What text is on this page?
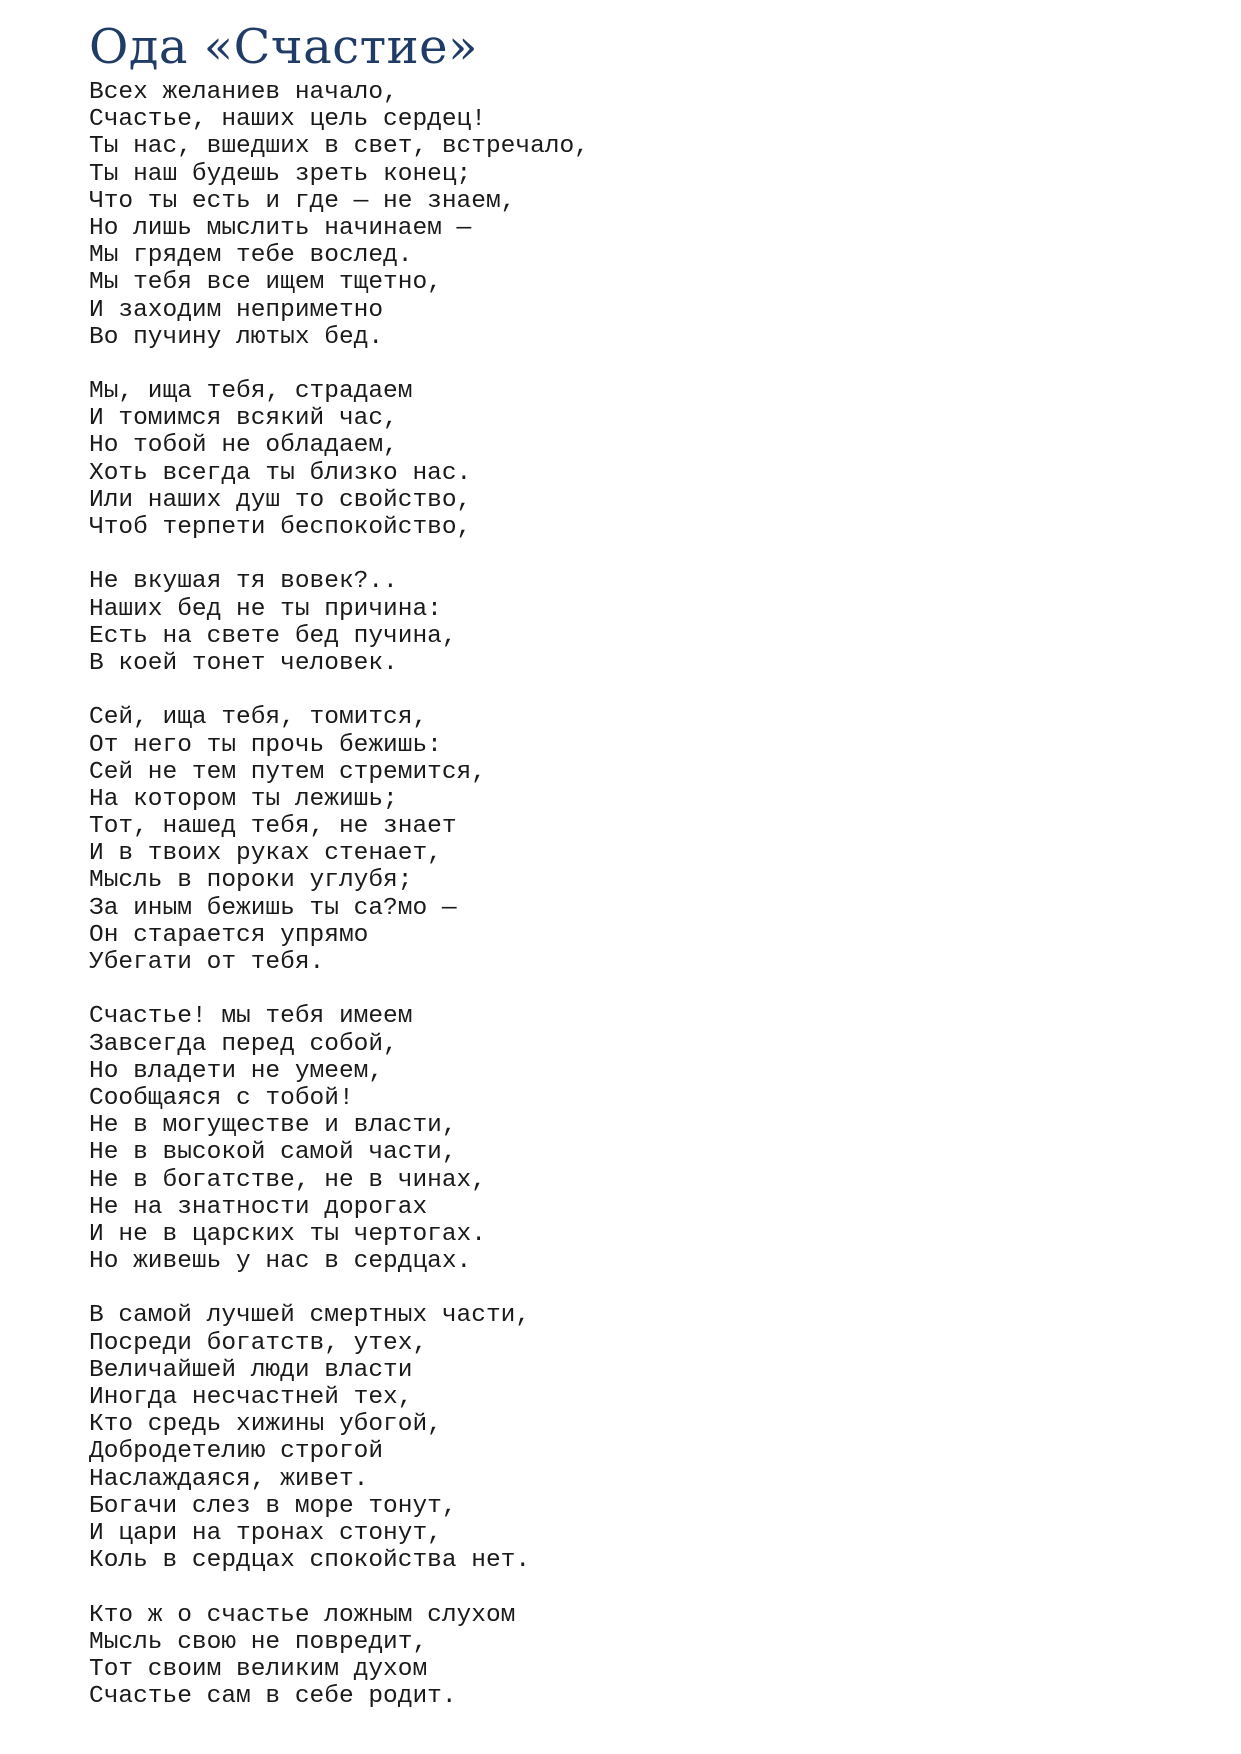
Ода «Счастие»
Всех желаниев начало,
Счастье, наших цель сердец!
Ты нас, вшедших в свет, встречало,
Ты наш будешь зреть конец;
Что ты есть и где — не знаем,
Но лишь мыслить начинаем —
Мы грядем тебе вослед.
Мы тебя все ищем тщетно,
И заходим неприметно
Во пучину лютых бед.
Мы, ища тебя, страдаем
И томимся всякий час,
Но тобой не обладаем,
Хоть всегда ты близко нас.
Или наших душ то свойство,
Чтоб терпети беспокойство,
Не вкушая тя вовек?..
Наших бед не ты причина:
Есть на свете бед пучина,
В коей тонет человек.
Сей, ища тебя, томится,
От него ты прочь бежишь:
Сей не тем путем стремится,
На котором ты лежишь;
Тот, нашед тебя, не знает
И в твоих руках стенает,
Мысль в пороки углубя;
За иным бежишь ты са?мо —
Он старается упрямо
Убегати от тебя.
Счастье! мы тебя имеем
Завсегда перед собой,
Но владети не умеем,
Сообщаяся с тобой!
Не в могуществе и власти,
Не в высокой самой части,
Не в богатстве, не в чинах,
Не на знатности дорогах
И не в царских ты чертогах.
Но живешь у нас в сердцах.
В самой лучшей смертных части,
Посреди богатств, утех,
Величайшей люди власти
Иногда несчастней тех,
Кто средь хижины убогой,
Добродетелию строгой
Наслаждаяся, живет.
Богачи слез в море тонут,
И цари на тронах стонут,
Коль в сердцах спокойства нет.
Кто ж о счастье ложным слухом
Мысль свою не повредит,
Тот своим великим духом
Счастье сам в себе родит.
